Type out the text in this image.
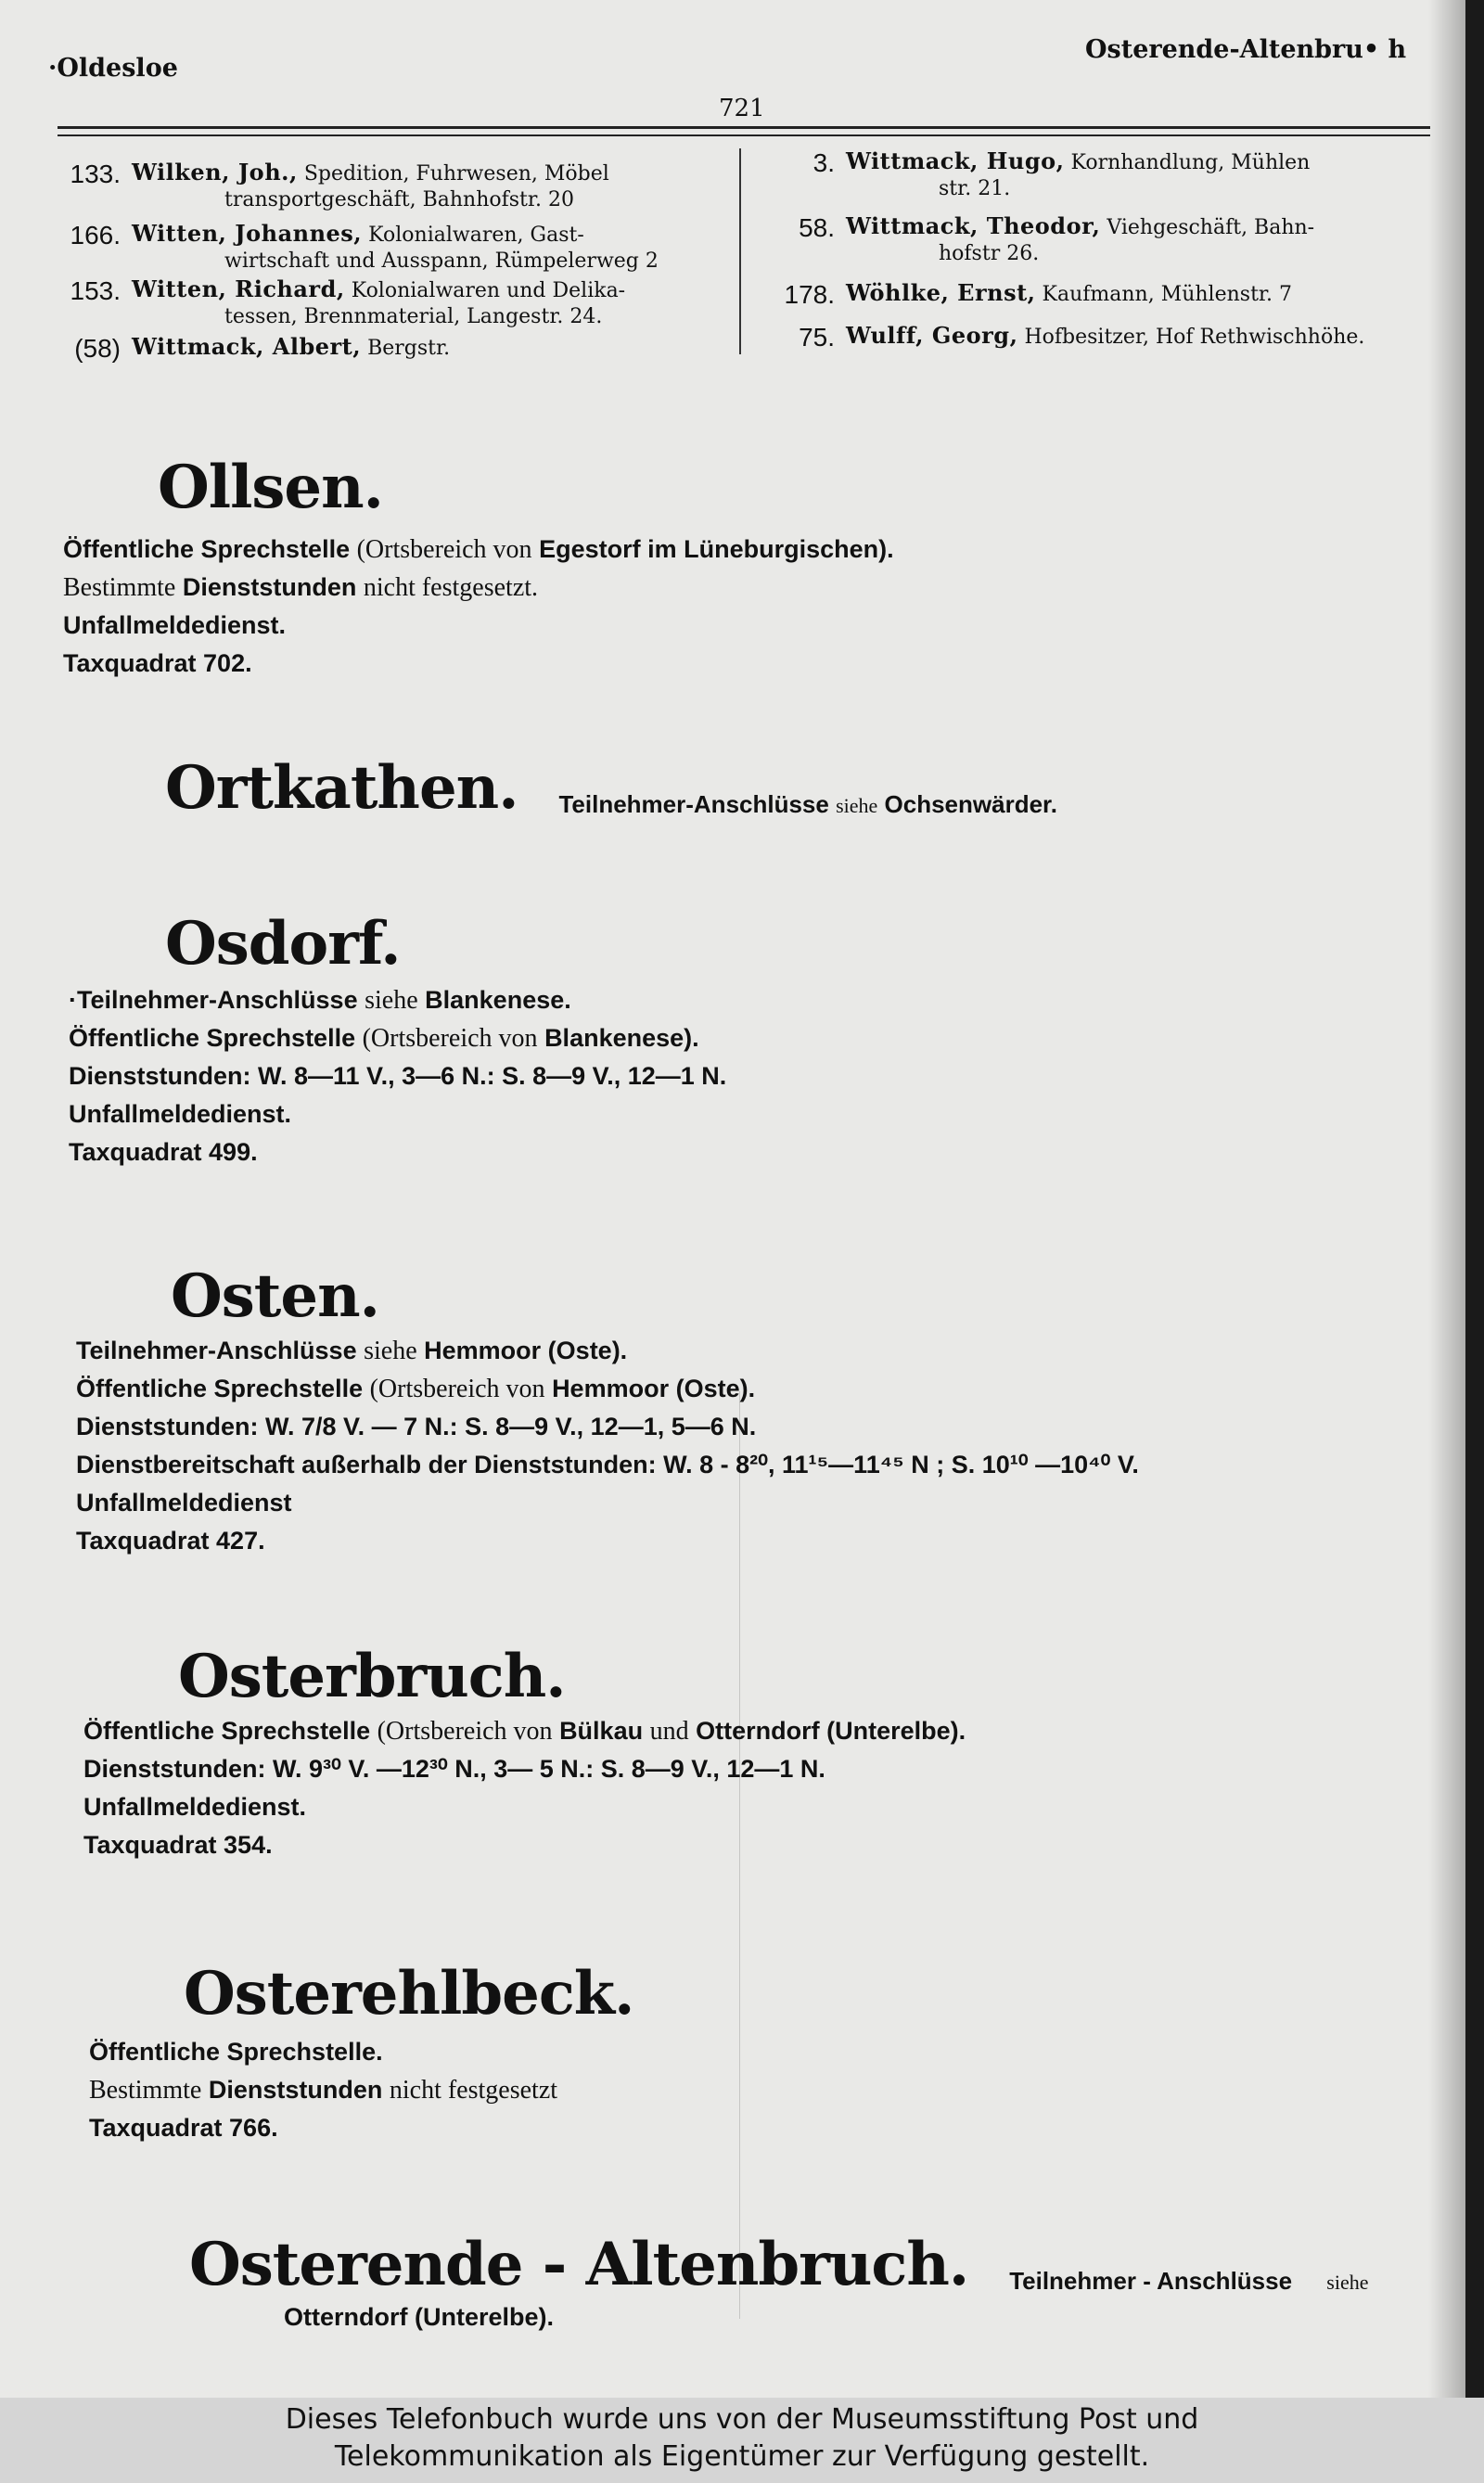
·Oldesloe
Osterende-Altenbru• h
721
133. Wilken, Joh., Spedition, Fuhrwesen, Möbel
transportgeschäft, Bahnhofstr. 20
166. Witten, Johannes, Kolonialwaren, Gast-
wirtschaft und Ausspann, Rümpelerweg 2
153. Witten, Richard, Kolonialwaren und Delika-
tessen, Brennmaterial, Langestr. 24.
(58) Wittmack, Albert, Bergstr.
3. Wittmack, Hugo, Kornhandlung, Mühlen
str. 21.
58. Wittmack, Theodor, Viehgeschäft, Bahn-
hofstr 26.
178. Wöhlke, Ernst, Kaufmann, Mühlenstr. 7
75. Wulff, Georg, Hofbesitzer, Hof Rethwischhöhe.
Ollsen.
Öffentliche Sprechstelle (Ortsbereich von Egestorf im Lüneburgischen).
Bestimmte Dienststunden nicht festgesetzt.
Unfallmeldedienst.
Taxquadrat 702.
Ortkathen. Teilnehmer-Anschlüsse siehe Ochsenwärder.
Osdorf.
·Teilnehmer-Anschlüsse siehe Blankenese.
Öffentliche Sprechstelle (Ortsbereich von Blankenese).
Dienststunden: W. 8—11 V., 3—6 N.: S. 8—9 V., 12—1 N.
Unfallmeldedienst.
Taxquadrat 499.
Osten.
Teilnehmer-Anschlüsse siehe Hemmoor (Oste).
Öffentliche Sprechstelle (Ortsbereich von Hemmoor (Oste).
Dienststunden: W. 7/8 V. — 7 N.: S. 8—9 V., 12—1, 5—6 N.
Dienstbereitschaft außerhalb der Dienststunden: W. 8 - 8²⁰, 11¹⁵—11⁴⁵ N ; S. 10¹⁰ —10⁴⁰ V.
Unfallmeldedienst
Taxquadrat 427.
Osterbruch.
Öffentliche Sprechstelle (Ortsbereich von Bülkau und Otterndorf (Unterelbe).
Dienststunden: W. 9³⁰ V. —12³⁰ N., 3— 5 N.: S. 8—9 V., 12—1 N.
Unfallmeldedienst.
Taxquadrat 354.
Osterehlbeck.
Öffentliche Sprechstelle.
Bestimmte Dienststunden nicht festgesetzt
Taxquadrat 766.
Osterende - Altenbruch. Teilnehmer - Anschlüsse siehe
Otterndorf (Unterelbe).
Dieses Telefonbuch wurde uns von der Museumsstiftung Post und
Telekommunikation als Eigentümer zur Verfügung gestellt.
